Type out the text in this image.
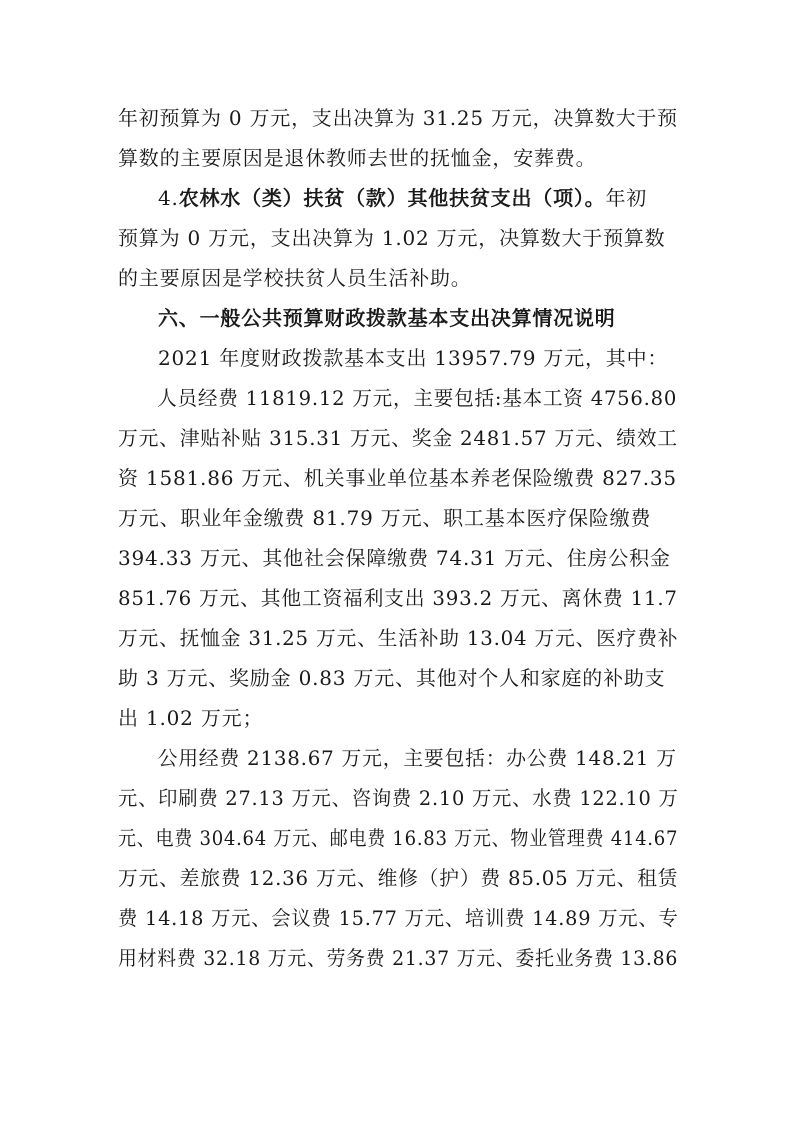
年初预算为 0 万元，支出决算为 31.25 万元，决算数大于预

算数的主要原因是退休教师去世的抚恤金，安葬费。

4.农林水（类）扶贫（款）其他扶贫支出（项）。年初

预算为 0 万元，支出决算为 1.02 万元，决算数大于预算数

的主要原因是学校扶贫人员生活补助。

六、一般公共预算财政拨款基本支出决算情况说明

2021 年度财政拨款基本支出 13957.79 万元，其中：

人员经费 11819.12 万元，主要包括:基本工资 4756.80

万元、津贴补贴 315.31 万元、奖金 2481.57 万元、绩效工

资 1581.86 万元、机关事业单位基本养老保险缴费 827.35

万元、职业年金缴费 81.79 万元、职工基本医疗保险缴费

394.33 万元、其他社会保障缴费 74.31 万元、住房公积金

851.76 万元、其他工资福利支出 393.2 万元、离休费 11.7

万元、抚恤金 31.25 万元、生活补助 13.04 万元、医疗费补

助 3 万元、奖励金 0.83 万元、其他对个人和家庭的补助支

出 1.02 万元；

公用经费 2138.67 万元，主要包括：办公费 148.21 万

元、印刷费 27.13 万元、咨询费 2.10 万元、水费 122.10 万

元、电费 304.64 万元、邮电费 16.83 万元、物业管理费 414.67

万元、差旅费 12.36 万元、维修（护）费 85.05 万元、租赁

费 14.18 万元、会议费 15.77 万元、培训费 14.89 万元、专

用材料费 32.18 万元、劳务费 21.37 万元、委托业务费 13.86
